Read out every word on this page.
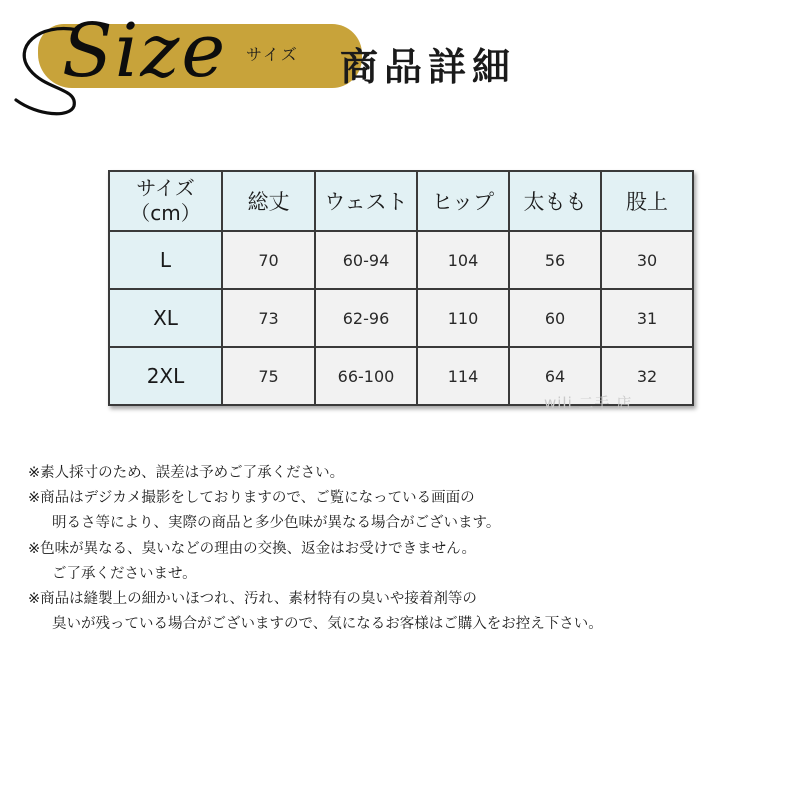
Size サイズ 商品詳細
サイズ
（cm）	総丈	ウェスト	ヒップ	太もも	股上
L	70	60-94	104	56	30
XL	73	62-96	110	60	31
2XL	75	66-100	114	64	32
wili 二手 店
※素人採寸のため、誤差は予めご了承ください。
※商品はデジカメ撮影をしておりますので、ご覧になっている画面の
明るさ等により、実際の商品と多少色味が異なる場合がございます。
※色味が異なる、臭いなどの理由の交換、返金はお受けできません。
ご了承くださいませ。
※商品は縫製上の細かいほつれ、汚れ、素材特有の臭いや接着剤等の
臭いが残っている場合がございますので、気になるお客様はご購入をお控え下さい。
